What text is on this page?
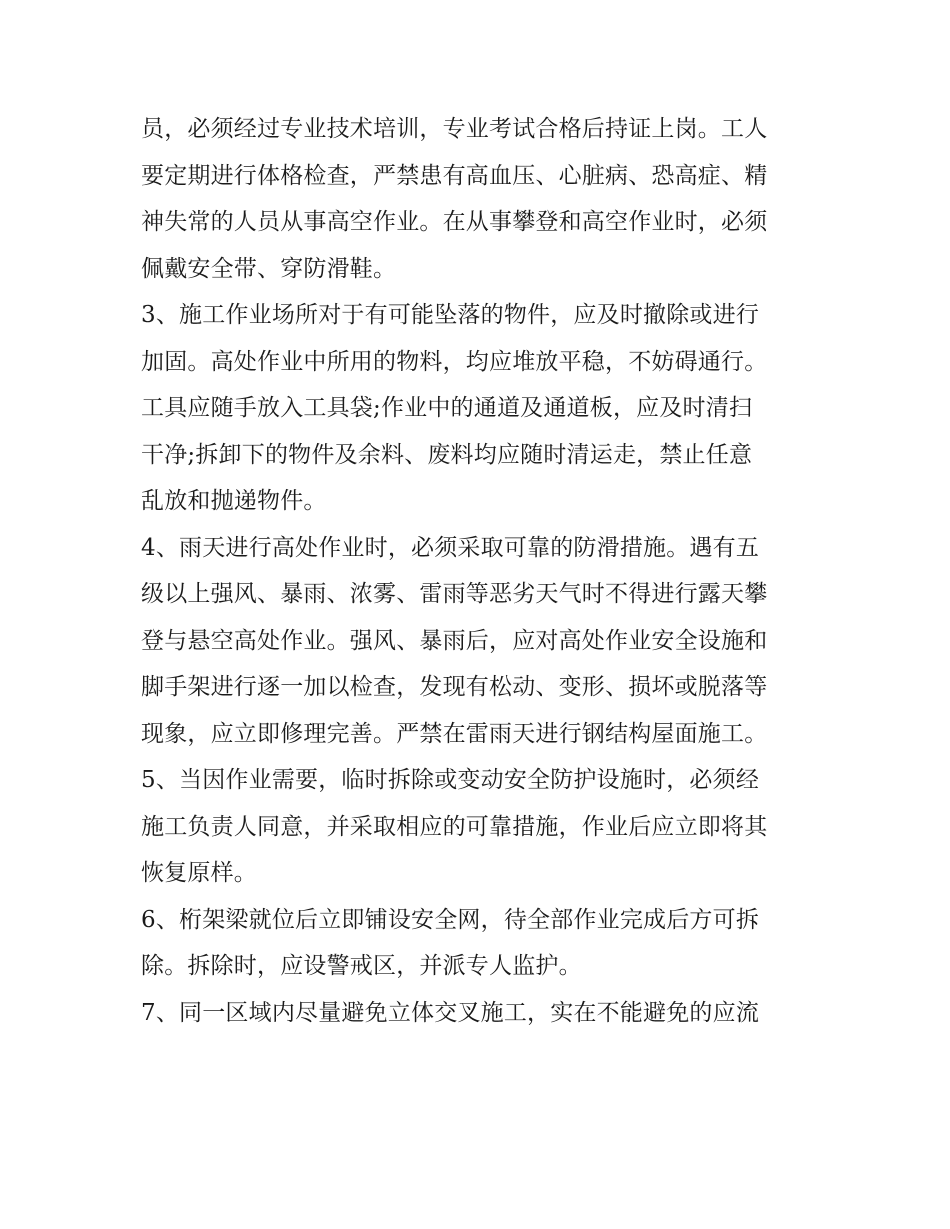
员，必须经过专业技术培训，专业考试合格后持证上岗。工人
要定期进行体格检查，严禁患有高血压、心脏病、恐高症、精
神失常的人员从事高空作业。在从事攀登和高空作业时，必须
佩戴安全带、穿防滑鞋。
3、施工作业场所对于有可能坠落的物件，应及时撤除或进行
加固。高处作业中所用的物料，均应堆放平稳，不妨碍通行。
工具应随手放入工具袋;作业中的通道及通道板，应及时清扫
干净;拆卸下的物件及余料、废料均应随时清运走，禁止任意
乱放和抛递物件。
4、雨天进行高处作业时，必须采取可靠的防滑措施。遇有五
级以上强风、暴雨、浓雾、雷雨等恶劣天气时不得进行露天攀
登与悬空高处作业。强风、暴雨后，应对高处作业安全设施和
脚手架进行逐一加以检查，发现有松动、变形、损坏或脱落等
现象，应立即修理完善。严禁在雷雨天进行钢结构屋面施工。
5、当因作业需要，临时拆除或变动安全防护设施时，必须经
施工负责人同意，并采取相应的可靠措施，作业后应立即将其
恢复原样。
6、桁架梁就位后立即铺设安全网，待全部作业完成后方可拆
除。拆除时，应设警戒区，并派专人监护。
7、同一区域内尽量避免立体交叉施工，实在不能避免的应流
